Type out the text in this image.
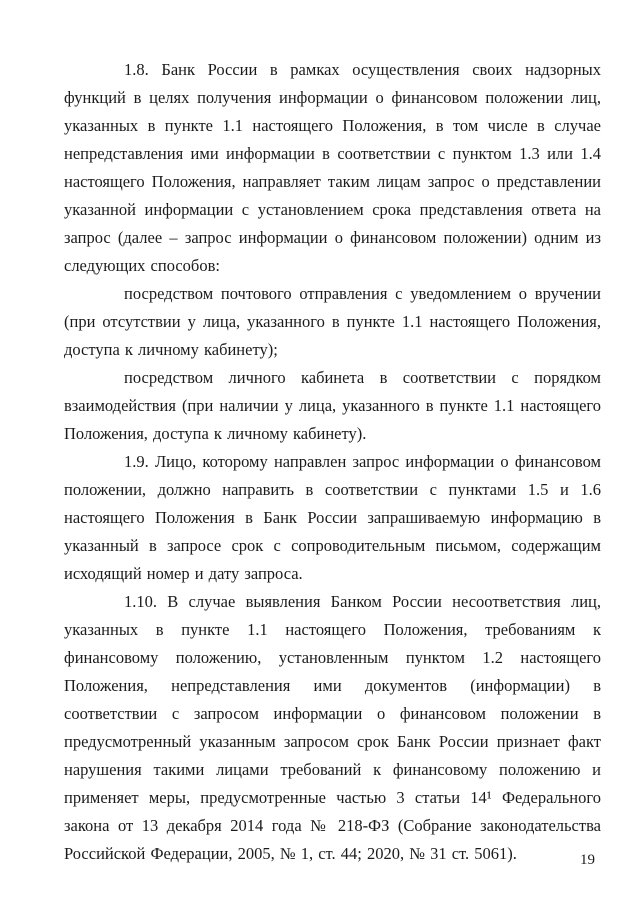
1.8. Банк России в рамках осуществления своих надзорных функций в целях получения информации о финансовом положении лиц, указанных в пункте 1.1 настоящего Положения, в том числе в случае непредставления ими информации в соответствии с пунктом 1.3 или 1.4 настоящего Положения, направляет таким лицам запрос о представлении указанной информации с установлением срока представления ответа на запрос (далее – запрос информации о финансовом положении) одним из следующих способов:

посредством почтового отправления с уведомлением о вручении (при отсутствии у лица, указанного в пункте 1.1 настоящего Положения, доступа к личному кабинету);

посредством личного кабинета в соответствии с порядком взаимодействия (при наличии у лица, указанного в пункте 1.1 настоящего Положения, доступа к личному кабинету).

1.9. Лицо, которому направлен запрос информации о финансовом положении, должно направить в соответствии с пунктами 1.5 и 1.6 настоящего Положения в Банк России запрашиваемую информацию в указанный в запросе срок с сопроводительным письмом, содержащим исходящий номер и дату запроса.

1.10. В случае выявления Банком России несоответствия лиц, указанных в пункте 1.1 настоящего Положения, требованиям к финансовому положению, установленным пунктом 1.2 настоящего Положения, непредставления ими документов (информации) в соответствии с запросом информации о финансовом положении в предусмотренный указанным запросом срок Банк России признает факт нарушения такими лицами требований к финансовому положению и применяет меры, предусмотренные частью 3 статьи 14¹ Федерального закона от 13 декабря 2014 года № 218-ФЗ (Собрание законодательства Российской Федерации, 2005, № 1, ст. 44; 2020, № 31 ст. 5061).	19
